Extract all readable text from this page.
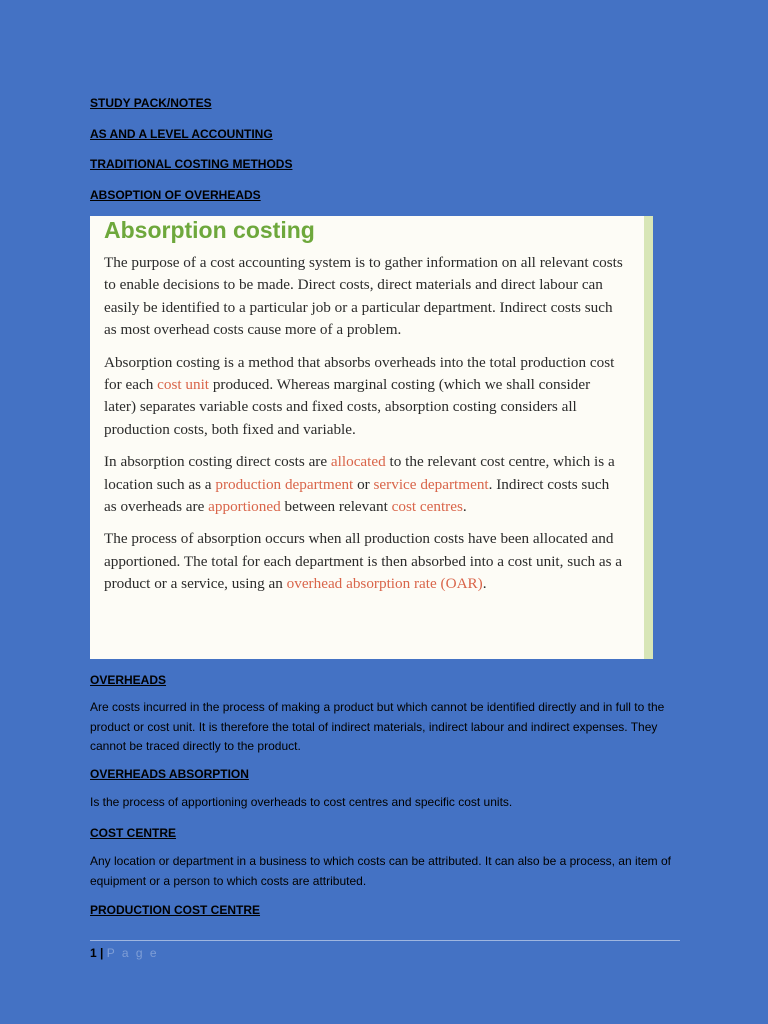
STUDY PACK/NOTES
AS AND A LEVEL ACCOUNTING
TRADITIONAL COSTING METHODS
ABSOPTION OF OVERHEADS
Absorption costing

The purpose of a cost accounting system is to gather information on all relevant costs to enable decisions to be made. Direct costs, direct materials and direct labour can easily be identified to a particular job or a particular department. Indirect costs such as most overhead costs cause more of a problem.

Absorption costing is a method that absorbs overheads into the total production cost for each cost unit produced. Whereas marginal costing (which we shall consider later) separates variable costs and fixed costs, absorption costing considers all production costs, both fixed and variable.

In absorption costing direct costs are allocated to the relevant cost centre, which is a location such as a production department or service department. Indirect costs such as overheads are apportioned between relevant cost centres.

The process of absorption occurs when all production costs have been allocated and apportioned. The total for each department is then absorbed into a cost unit, such as a product or a service, using an overhead absorption rate (OAR).

OVERHEADS
Are costs incurred in the process of making a product but which cannot be identified directly and in full to the product or cost unit. It is therefore the total of indirect materials, indirect labour and indirect expenses. They cannot be traced directly to the product.
OVERHEADS ABSORPTION
Is the process of apportioning overheads to cost centres and specific cost units.
COST CENTRE
Any location or department in a business to which costs can be attributed. It can also be a process, an item of equipment or a person to which costs are attributed.
PRODUCTION COST CENTRE
1 | P a g e
